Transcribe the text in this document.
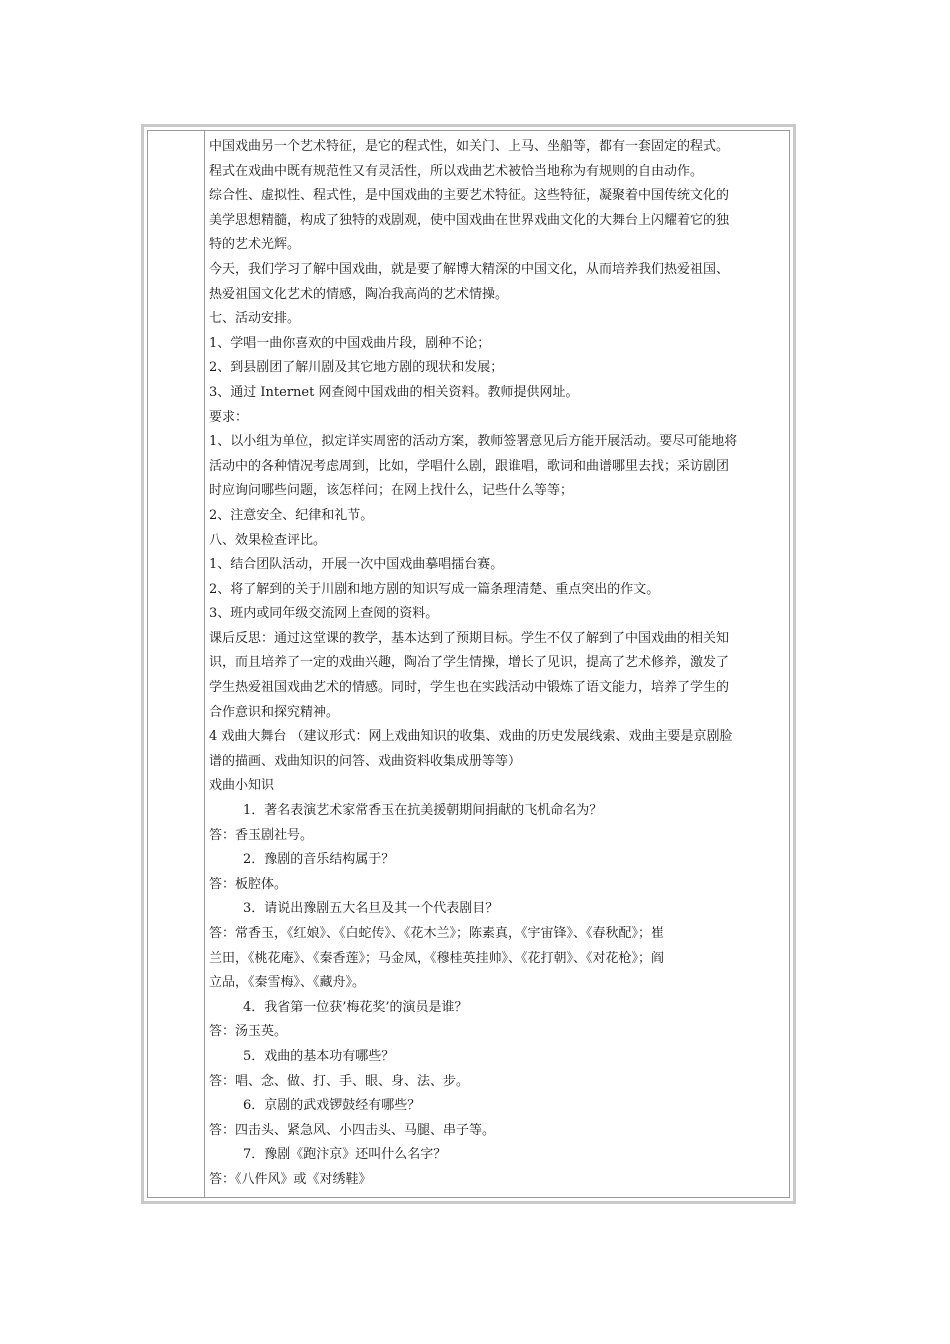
中国戏曲另一个艺术特征，是它的程式性，如关门、上马、坐船等，都有一套固定的程式。
程式在戏曲中既有规范性又有灵活性，所以戏曲艺术被恰当地称为有规则的自由动作。
综合性、虚拟性、程式性，是中国戏曲的主要艺术特征。这些特征，凝聚着中国传统文化的
美学思想精髓，构成了独特的戏剧观，使中国戏曲在世界戏曲文化的大舞台上闪耀着它的独
特的艺术光辉。
今天，我们学习了解中国戏曲，就是要了解博大精深的中国文化，从而培养我们热爱祖国、
热爱祖国文化艺术的情感，陶冶我高尚的艺术情操。
七、活动安排。
1、学唱一曲你喜欢的中国戏曲片段，剧种不论；
2、到县剧团了解川剧及其它地方剧的现状和发展；
3、通过 Internet 网查阅中国戏曲的相关资料。教师提供网址。
要求：
1、以小组为单位，拟定详实周密的活动方案，教师签署意见后方能开展活动。要尽可能地将
活动中的各种情况考虑周到，比如，学唱什么剧，跟谁唱，歌词和曲谱哪里去找；采访剧团
时应询问哪些问题，该怎样问；在网上找什么，记些什么等等；
2、注意安全、纪律和礼节。
八、效果检查评比。
1、结合团队活动，开展一次中国戏曲摹唱擂台赛。
2、将了解到的关于川剧和地方剧的知识写成一篇条理清楚、重点突出的作文。
3、班内或同年级交流网上查阅的资料。
课后反思：通过这堂课的教学，基本达到了预期目标。学生不仅了解到了中国戏曲的相关知
识，而且培养了一定的戏曲兴趣，陶冶了学生情操，增长了见识，提高了艺术修养，激发了
学生热爱祖国戏曲艺术的情感。同时，学生也在实践活动中锻炼了语文能力，培养了学生的
合作意识和探究精神。
4 戏曲大舞台 （建议形式：网上戏曲知识的收集、戏曲的历史发展线索、戏曲主要是京剧脸
谱的描画、戏曲知识的问答、戏曲资料收集成册等等）
戏曲小知识
1．著名表演艺术家常香玉在抗美援朝期间捐献的飞机命名为？
答：香玉剧社号。
2．豫剧的音乐结构属于？
答：板腔体。
3．请说出豫剧五大名旦及其一个代表剧目？
答：常香玉，《红娘》、《白蛇传》、《花木兰》；陈素真，《宇宙锋》、《春秋配》；崔
兰田，《桃花庵》、《秦香莲》；马金凤，《穆桂英挂帅》、《花打朝》、《对花枪》；阎
立品，《秦雪梅》、《藏舟》。
4．我省第一位获’梅花奖’的演员是谁？
答：汤玉英。
5．戏曲的基本功有哪些？
答：唱、念、做、打、手、眼、身、法、步。
6．京剧的武戏锣鼓经有哪些？
答：四击头、紧急风、小四击头、马腿、串子等。
7．豫剧《跑汴京》还叫什么名字？
答：《八件风》或《对绣鞋》
